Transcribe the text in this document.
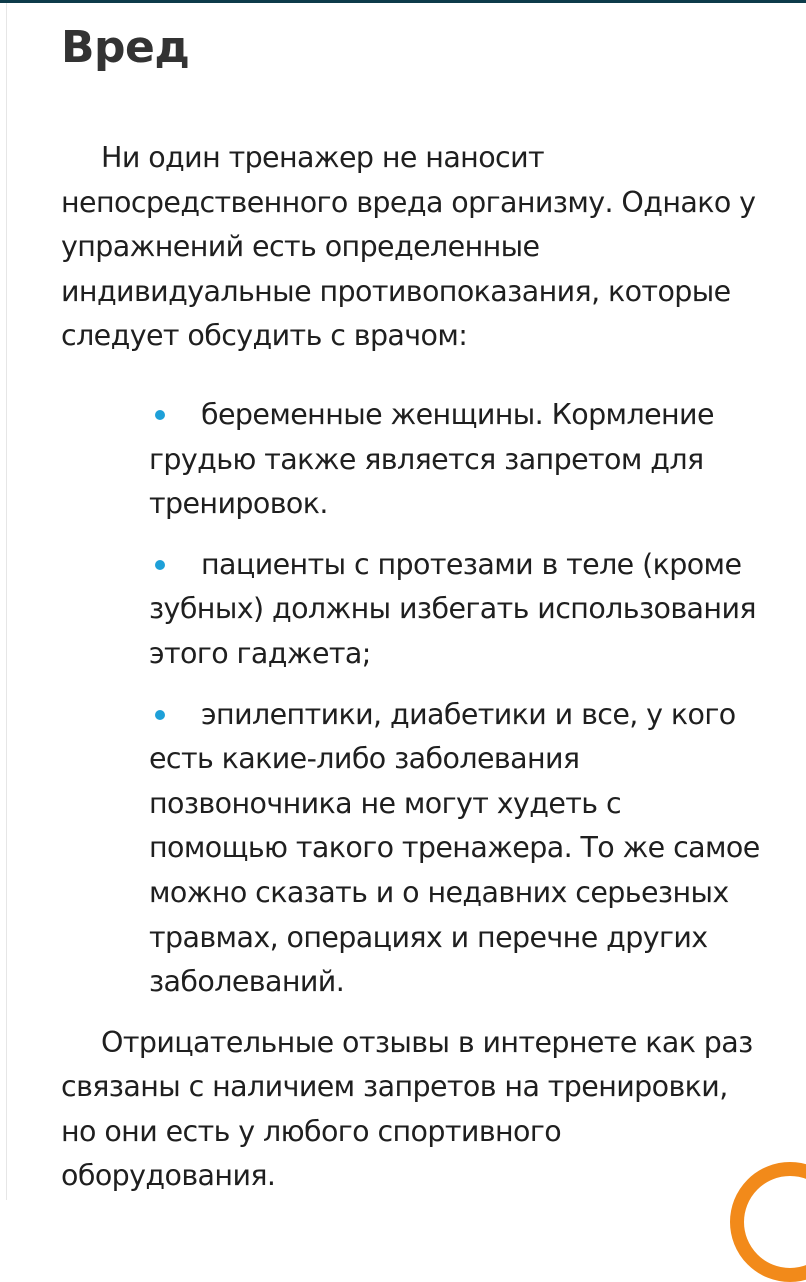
Вред

Ни один тренажер не наносит непосредственного вреда организму. Однако у упражнений есть определенные индивидуальные противопоказания, которые следует обсудить с врачом:

беременные женщины. Кормление грудью также является запретом для тренировок.
пациенты с протезами в теле (кроме зубных) должны избегать использования этого гаджета;
эпилептики, диабетики и все, у кого есть какие-либо заболевания позвоночника не могут худеть с помощью такого тренажера. То же самое можно сказать и о недавних серьезных травмах, операциях и перечне других заболеваний.

Отрицательные отзывы в интернете как раз связаны с наличием запретов на тренировки, но они есть у любого спортивного оборудования.
